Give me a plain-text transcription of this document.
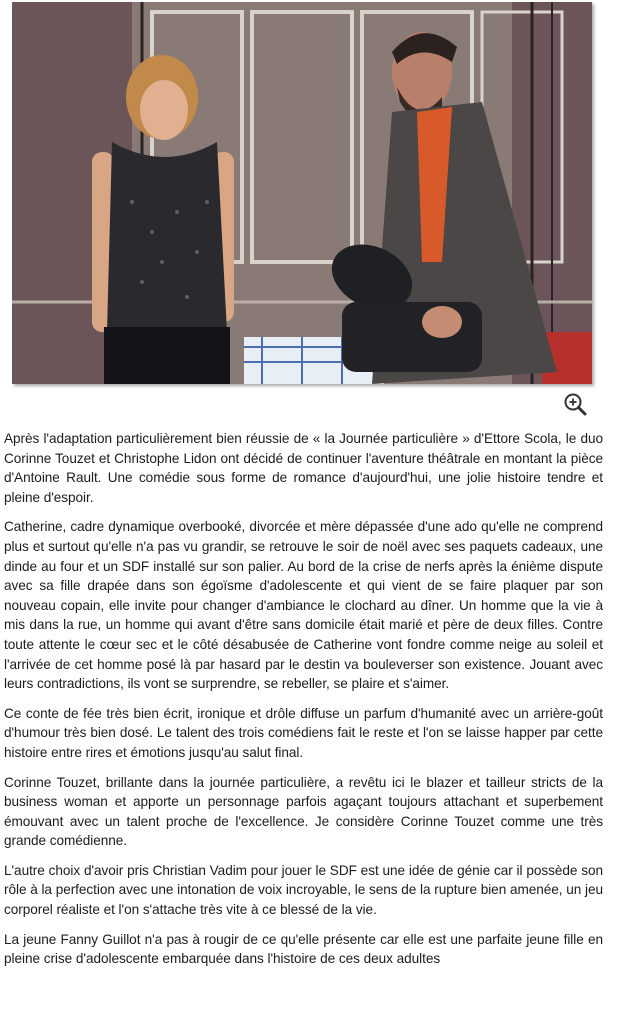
Après l'adaptation particulièrement bien réussie de « la Journée particulière » d'Ettore Scola, le duo Corinne Touzet et Christophe Lidon ont décidé de continuer l'aventure théâtrale en montant la pièce d'Antoine Rault. Une comédie sous forme de romance d'aujourd'hui, une jolie histoire tendre et pleine d'espoir.

Catherine, cadre dynamique overbooké, divorcée et mère dépassée d'une ado qu'elle ne comprend plus et surtout qu'elle n'a pas vu grandir, se retrouve le soir de noël avec ses paquets cadeaux, une dinde au four et un SDF installé sur son palier. Au bord de la crise de nerfs après la énième dispute avec sa fille drapée dans son égoïsme d'adolescente et qui vient de se faire plaquer par son nouveau copain, elle invite pour changer d'ambiance le clochard au dîner. Un homme que la vie à mis dans la rue, un homme qui avant d'être sans domicile était marié et père de deux filles. Contre toute attente le cœur sec et le côté désabusée de Catherine vont fondre comme neige au soleil et l'arrivée de cet homme posé là par hasard par le destin va bouleverser son existence. Jouant avec leurs contradictions, ils vont se surprendre, se rebeller, se plaire et s'aimer.

Ce conte de fée très bien écrit, ironique et drôle diffuse un parfum d'humanité avec un arrière-goût d'humour très bien dosé. Le talent des trois comédiens fait le reste et l'on se laisse happer par cette histoire entre rires et émotions jusqu'au salut final.

Corinne Touzet, brillante dans la journée particulière, a revêtu ici le blazer et tailleur stricts de la business woman et apporte un personnage parfois agaçant toujours attachant et superbement émouvant avec un talent proche de l'excellence. Je considère Corinne Touzet comme une très grande comédienne.

L'autre choix d'avoir pris Christian Vadim pour jouer le SDF est une idée de génie car il possède son rôle à la perfection avec une intonation de voix incroyable, le sens de la rupture bien amenée, un jeu corporel réaliste et l'on s'attache très vite à ce blessé de la vie.

La jeune Fanny Guillot n'a pas à rougir de ce qu'elle présente car elle est une parfaite jeune fille en pleine crise d'adolescente embarquée dans l'histoire de ces deux adultes
